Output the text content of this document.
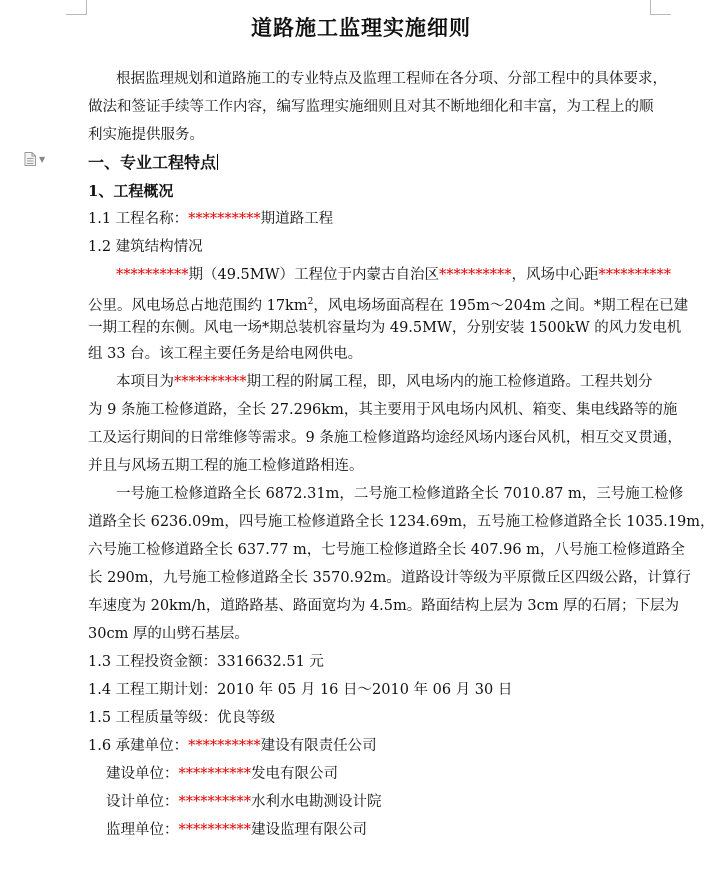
▼
道路施工监理实施细则
根据监理规划和道路施工的专业特点及监理工程师在各分项、分部工程中的具体要求，
做法和签证手续等工作内容，编写监理实施细则且对其不断地细化和丰富，为工程上的顺
利实施提供服务。
一、专业工程特点
1、工程概况
1.1 工程名称：**********期道路工程
1.2 建筑结构情况
**********期（49.5MW）工程位于内蒙古自治区**********，风场中心距**********
公里。风电场总占地范围约 $17km^2$，风电场场面高程在 195m～204m 之间。*期工程在已建
一期工程的东侧。风电一场*期总装机容量均为 49.5MW，分别安装 1500kW 的风力发电机
组 33 台。该工程主要任务是给电网供电。
本项目为**********期工程的附属工程，即，风电场内的施工检修道路。工程共划分
为 9 条施工检修道路，全长 27.296km，其主要用于风电场内风机、箱变、集电线路等的施
工及运行期间的日常维修等需求。9 条施工检修道路均途经风场内逐台风机，相互交叉贯通，
并且与风场五期工程的施工检修道路相连。
一号施工检修道路全长 6872.31m，二号施工检修道路全长 7010.87 m，三号施工检修
道路全长 6236.09m，四号施工检修道路全长 1234.69m，五号施工检修道路全长 1035.19m，
六号施工检修道路全长 637.77 m，七号施工检修道路全长 407.96 m，八号施工检修道路全
长 290m，九号施工检修道路全长 3570.92m。道路设计等级为平原微丘区四级公路，计算行
车速度为 20km/h，道路路基、路面宽均为 4.5m。路面结构上层为 3cm 厚的石屑；下层为
30cm 厚的山劈石基层。
1.3 工程投资金额：3316632.51 元
1.4 工程工期计划：2010 年 05 月 16 日～2010 年 06 月 30 日
1.5 工程质量等级：优良等级
1.6 承建单位：**********建设有限责任公司
建设单位：**********发电有限公司
设计单位：**********水利水电勘测设计院
监理单位：**********建设监理有限公司
